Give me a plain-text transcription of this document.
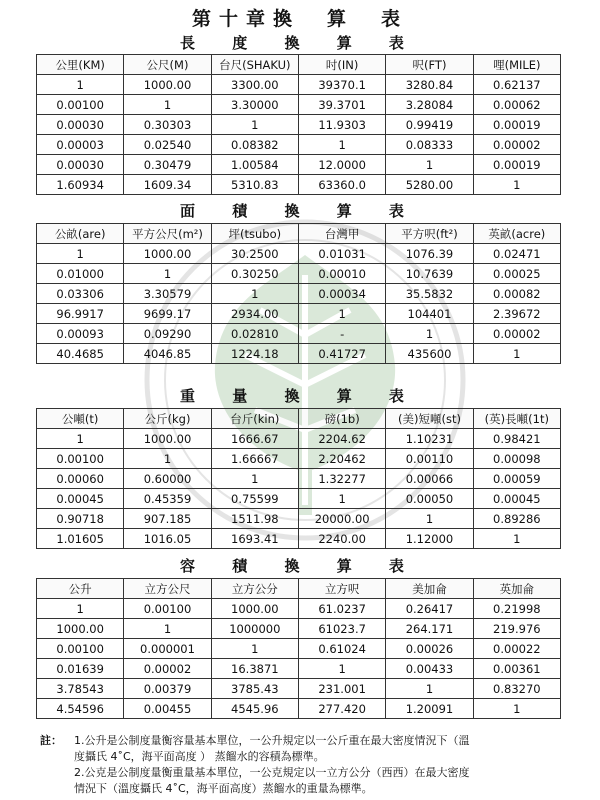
第十章換　算　表
長 度 換 算 表
公里(KM)	公尺(M)	台尺(SHAKU)	吋(IN)	呎(FT)	哩(MILE)
1	1000.00	3300.00	39370.1	3280.84	0.62137
0.00100	1	3.30000	39.3701	3.28084	0.00062
0.00030	0.30303	1	11.9303	0.99419	0.00019
0.00003	0.02540	0.08382	1	0.08333	0.00002
0.00030	0.30479	1.00584	12.0000	1	0.00019
1.60934	1609.34	5310.83	63360.0	5280.00	1
面 積 換 算 表
公畝(are)	平方公尺(m²)	坪(tsubo)	台灣甲	平方呎(ft²)	英畝(acre)
1	1000.00	30.2500	0.01031	1076.39	0.02471
0.01000	1	0.30250	0.00010	10.7639	0.00025
0.03306	3.30579	1	0.00034	35.5832	0.00082
96.9917	9699.17	2934.00	1	104401	2.39672
0.00093	0.09290	0.02810	-	1	0.00002
40.4685	4046.85	1224.18	0.41727	435600	1
重 量 換 算 表
公噸(t)	公斤(kg)	台斤(kin)	磅(1b)	(美)短噸(st)	(英)長噸(1t)
1	1000.00	1666.67	2204.62	1.10231	0.98421
0.00100	1	1.66667	2.20462	0.00110	0.00098
0.00060	0.60000	1	1.32277	0.00066	0.00059
0.00045	0.45359	0.75599	1	0.00050	0.00045
0.90718	907.185	1511.98	20000.00	1	0.89286
1.01605	1016.05	1693.41	2240.00	1.12000	1
容 積 換 算 表
公升	立方公尺	立方公分	立方呎	美加侖	英加侖
1	0.00100	1000.00	61.0237	0.26417	0.21998
1000.00	1	1000000	61023.7	264.171	219.976
0.00100	0.000001	1	0.61024	0.00026	0.00022
0.01639	0.00002	16.3871	1	0.00433	0.00361
3.78543	0.00379	3785.43	231.001	1	0.83270
4.54596	0.00455	4545.96	277.420	1.20091	1
註：	1.公升是公制度量衡容量基本單位，一公升規定以一公斤重在最大密度情況下（溫
度攝氏 4˚C，海平面高度 ） 蒸餾水的容積為標準。
2.公克是公制度量衡重量基本單位，一公克規定以一立方公分（西西）在最大密度
情況下（溫度攝氏 4˚C，海平面高度）蒸餾水的重量為標準。
